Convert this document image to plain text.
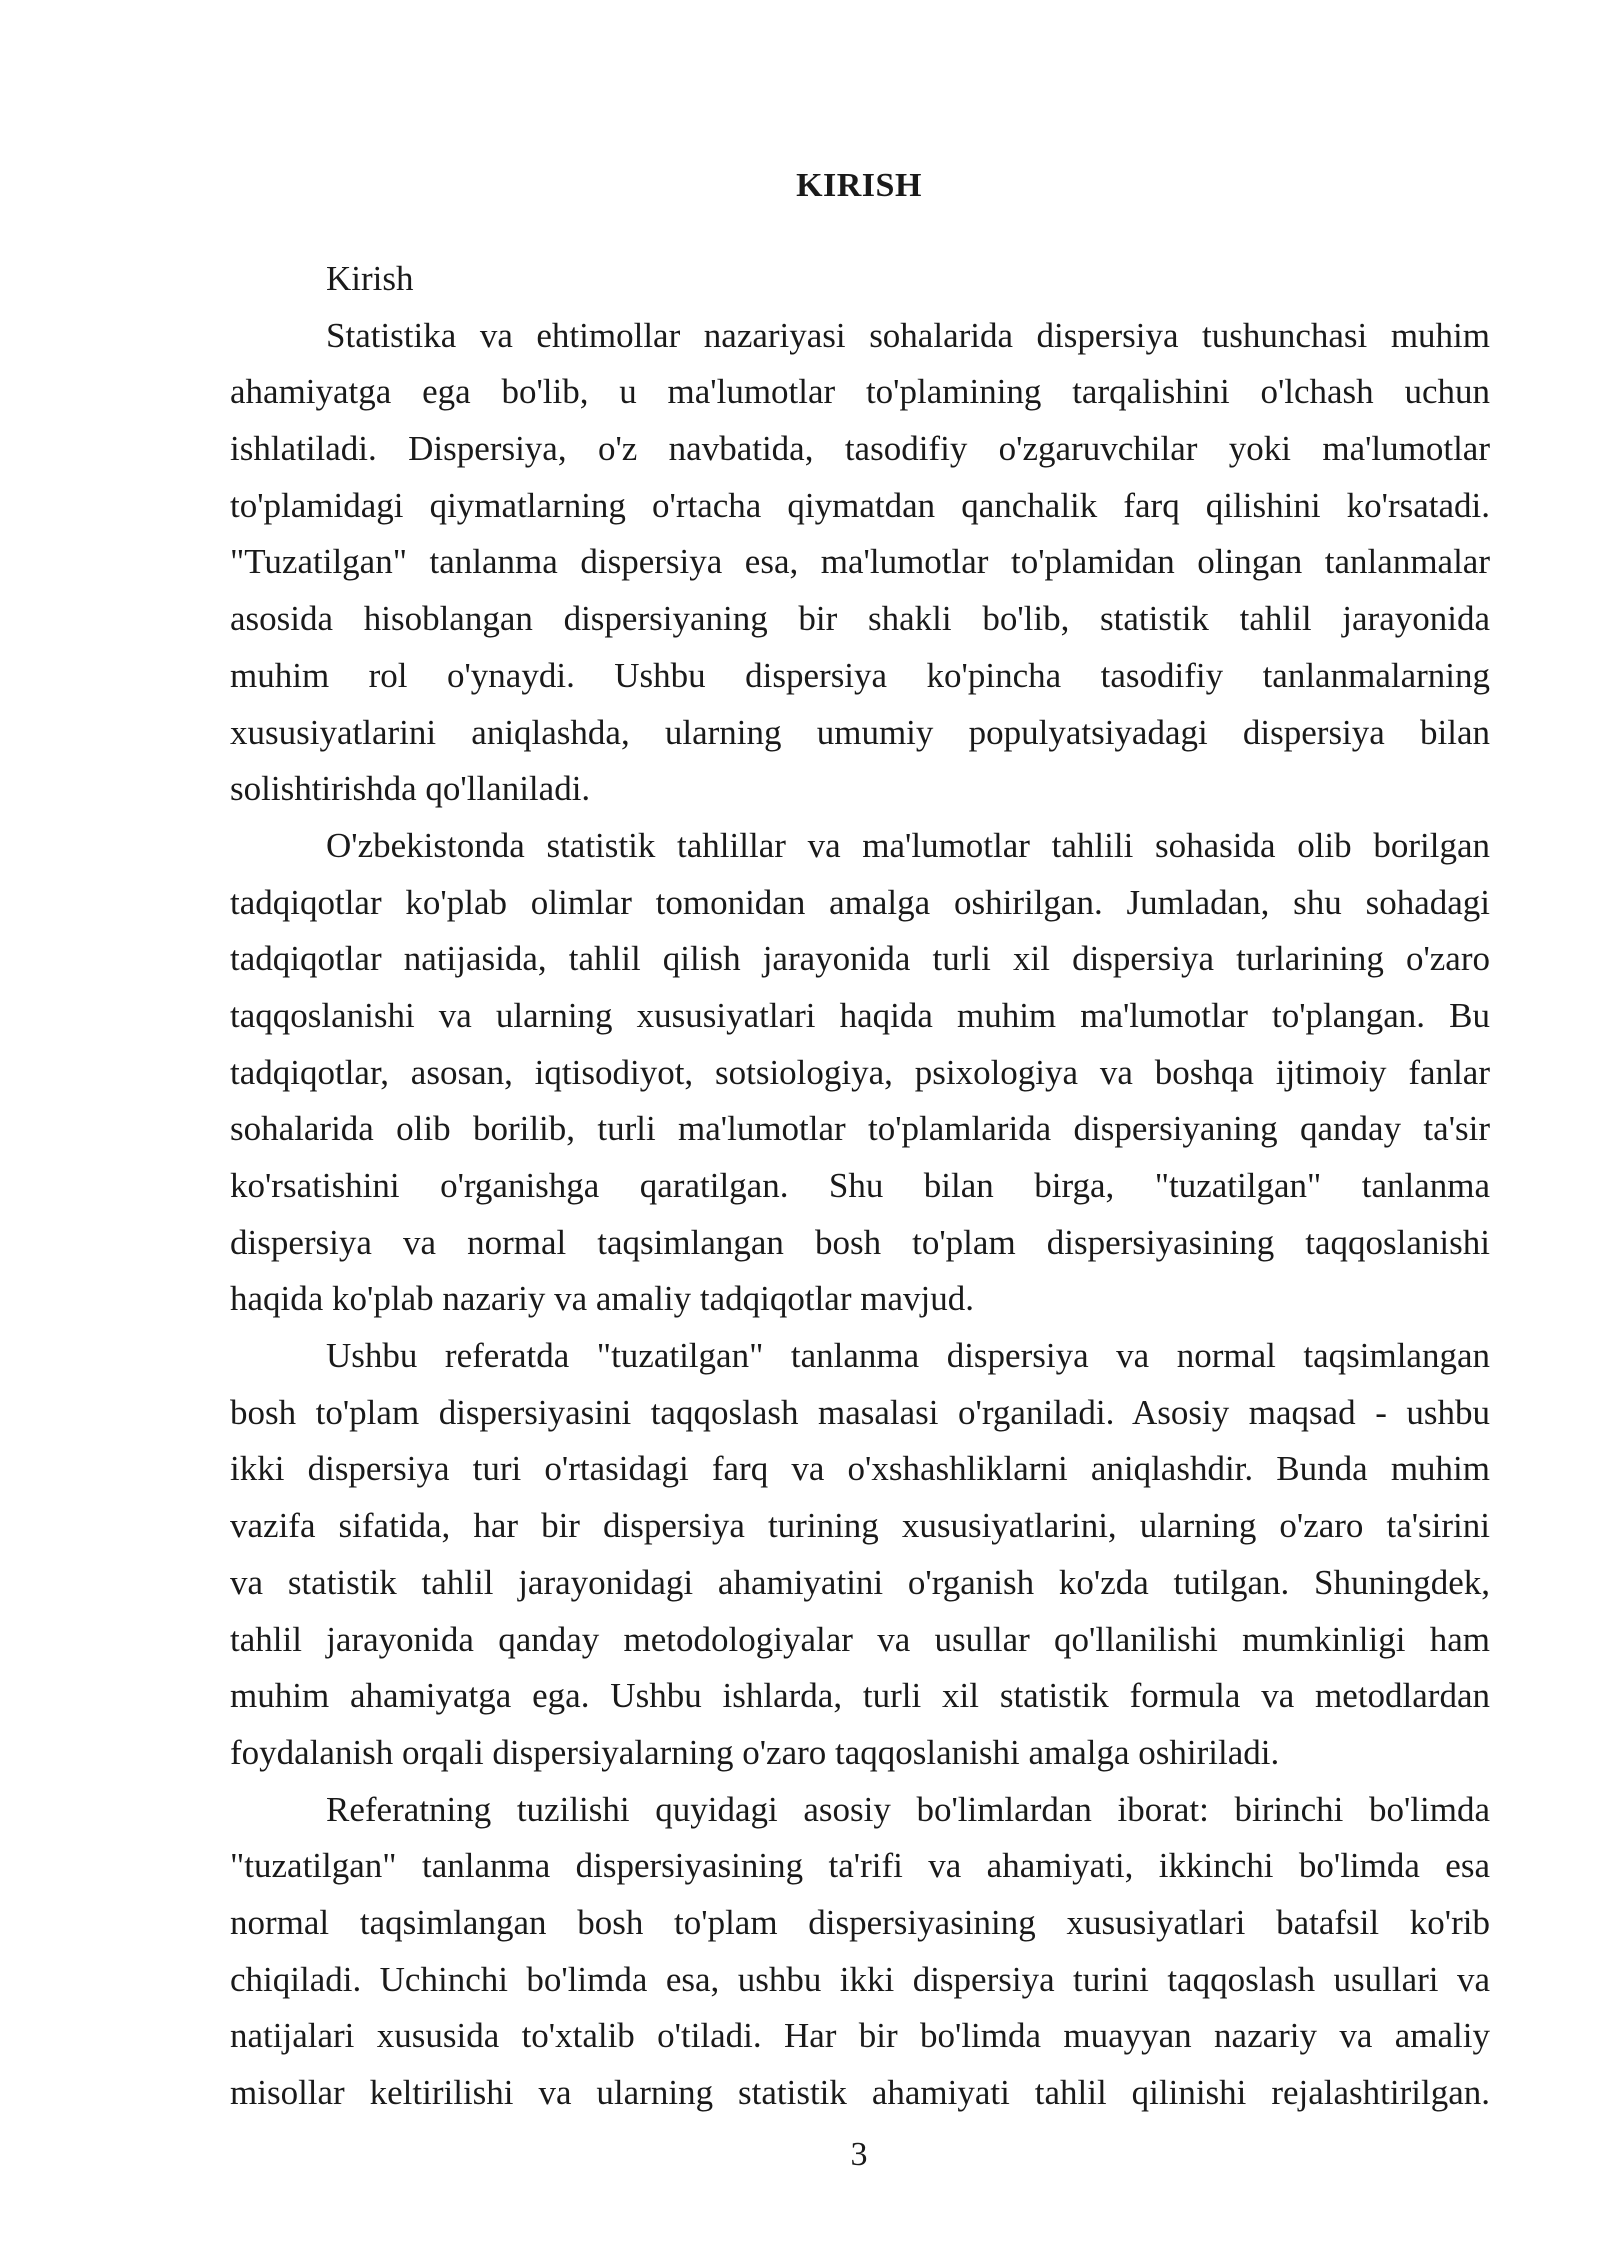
KIRISH
Kirish
Statistika va ehtimollar nazariyasi sohalarida dispersiya tushunchasi muhim
ahamiyatga ega bo'lib, u ma'lumotlar to'plamining tarqalishini o'lchash uchun
ishlatiladi. Dispersiya, o'z navbatida, tasodifiy o'zgaruvchilar yoki ma'lumotlar
to'plamidagi qiymatlarning o'rtacha qiymatdan qanchalik farq qilishini ko'rsatadi.
"Tuzatilgan" tanlanma dispersiya esa, ma'lumotlar to'plamidan olingan tanlanmalar
asosida hisoblangan dispersiyaning bir shakli bo'lib, statistik tahlil jarayonida
muhim rol o'ynaydi. Ushbu dispersiya ko'pincha tasodifiy tanlanmalarning
xususiyatlarini aniqlashda, ularning umumiy populyatsiyadagi dispersiya bilan
solishtirishda qo'llaniladi.
O'zbekistonda statistik tahlillar va ma'lumotlar tahlili sohasida olib borilgan
tadqiqotlar ko'plab olimlar tomonidan amalga oshirilgan. Jumladan, shu sohadagi
tadqiqotlar natijasida, tahlil qilish jarayonida turli xil dispersiya turlarining o'zaro
taqqoslanishi va ularning xususiyatlari haqida muhim ma'lumotlar to'plangan. Bu
tadqiqotlar, asosan, iqtisodiyot, sotsiologiya, psixologiya va boshqa ijtimoiy fanlar
sohalarida olib borilib, turli ma'lumotlar to'plamlarida dispersiyaning qanday ta'sir
ko'rsatishini o'rganishga qaratilgan. Shu bilan birga, "tuzatilgan" tanlanma
dispersiya va normal taqsimlangan bosh to'plam dispersiyasining taqqoslanishi
haqida ko'plab nazariy va amaliy tadqiqotlar mavjud.
Ushbu referatda "tuzatilgan" tanlanma dispersiya va normal taqsimlangan
bosh to'plam dispersiyasini taqqoslash masalasi o'rganiladi. Asosiy maqsad - ushbu
ikki dispersiya turi o'rtasidagi farq va o'xshashliklarni aniqlashdir. Bunda muhim
vazifa sifatida, har bir dispersiya turining xususiyatlarini, ularning o'zaro ta'sirini
va statistik tahlil jarayonidagi ahamiyatini o'rganish ko'zda tutilgan. Shuningdek,
tahlil jarayonida qanday metodologiyalar va usullar qo'llanilishi mumkinligi ham
muhim ahamiyatga ega. Ushbu ishlarda, turli xil statistik formula va metodlardan
foydalanish orqali dispersiyalarning o'zaro taqqoslanishi amalga oshiriladi.
Referatning tuzilishi quyidagi asosiy bo'limlardan iborat: birinchi bo'limda
"tuzatilgan" tanlanma dispersiyasining ta'rifi va ahamiyati, ikkinchi bo'limda esa
normal taqsimlangan bosh to'plam dispersiyasining xususiyatlari batafsil ko'rib
chiqiladi. Uchinchi bo'limda esa, ushbu ikki dispersiya turini taqqoslash usullari va
natijalari xususida to'xtalib o'tiladi. Har bir bo'limda muayyan nazariy va amaliy
misollar keltirilishi va ularning statistik ahamiyati tahlil qilinishi rejalashtirilgan.
3
